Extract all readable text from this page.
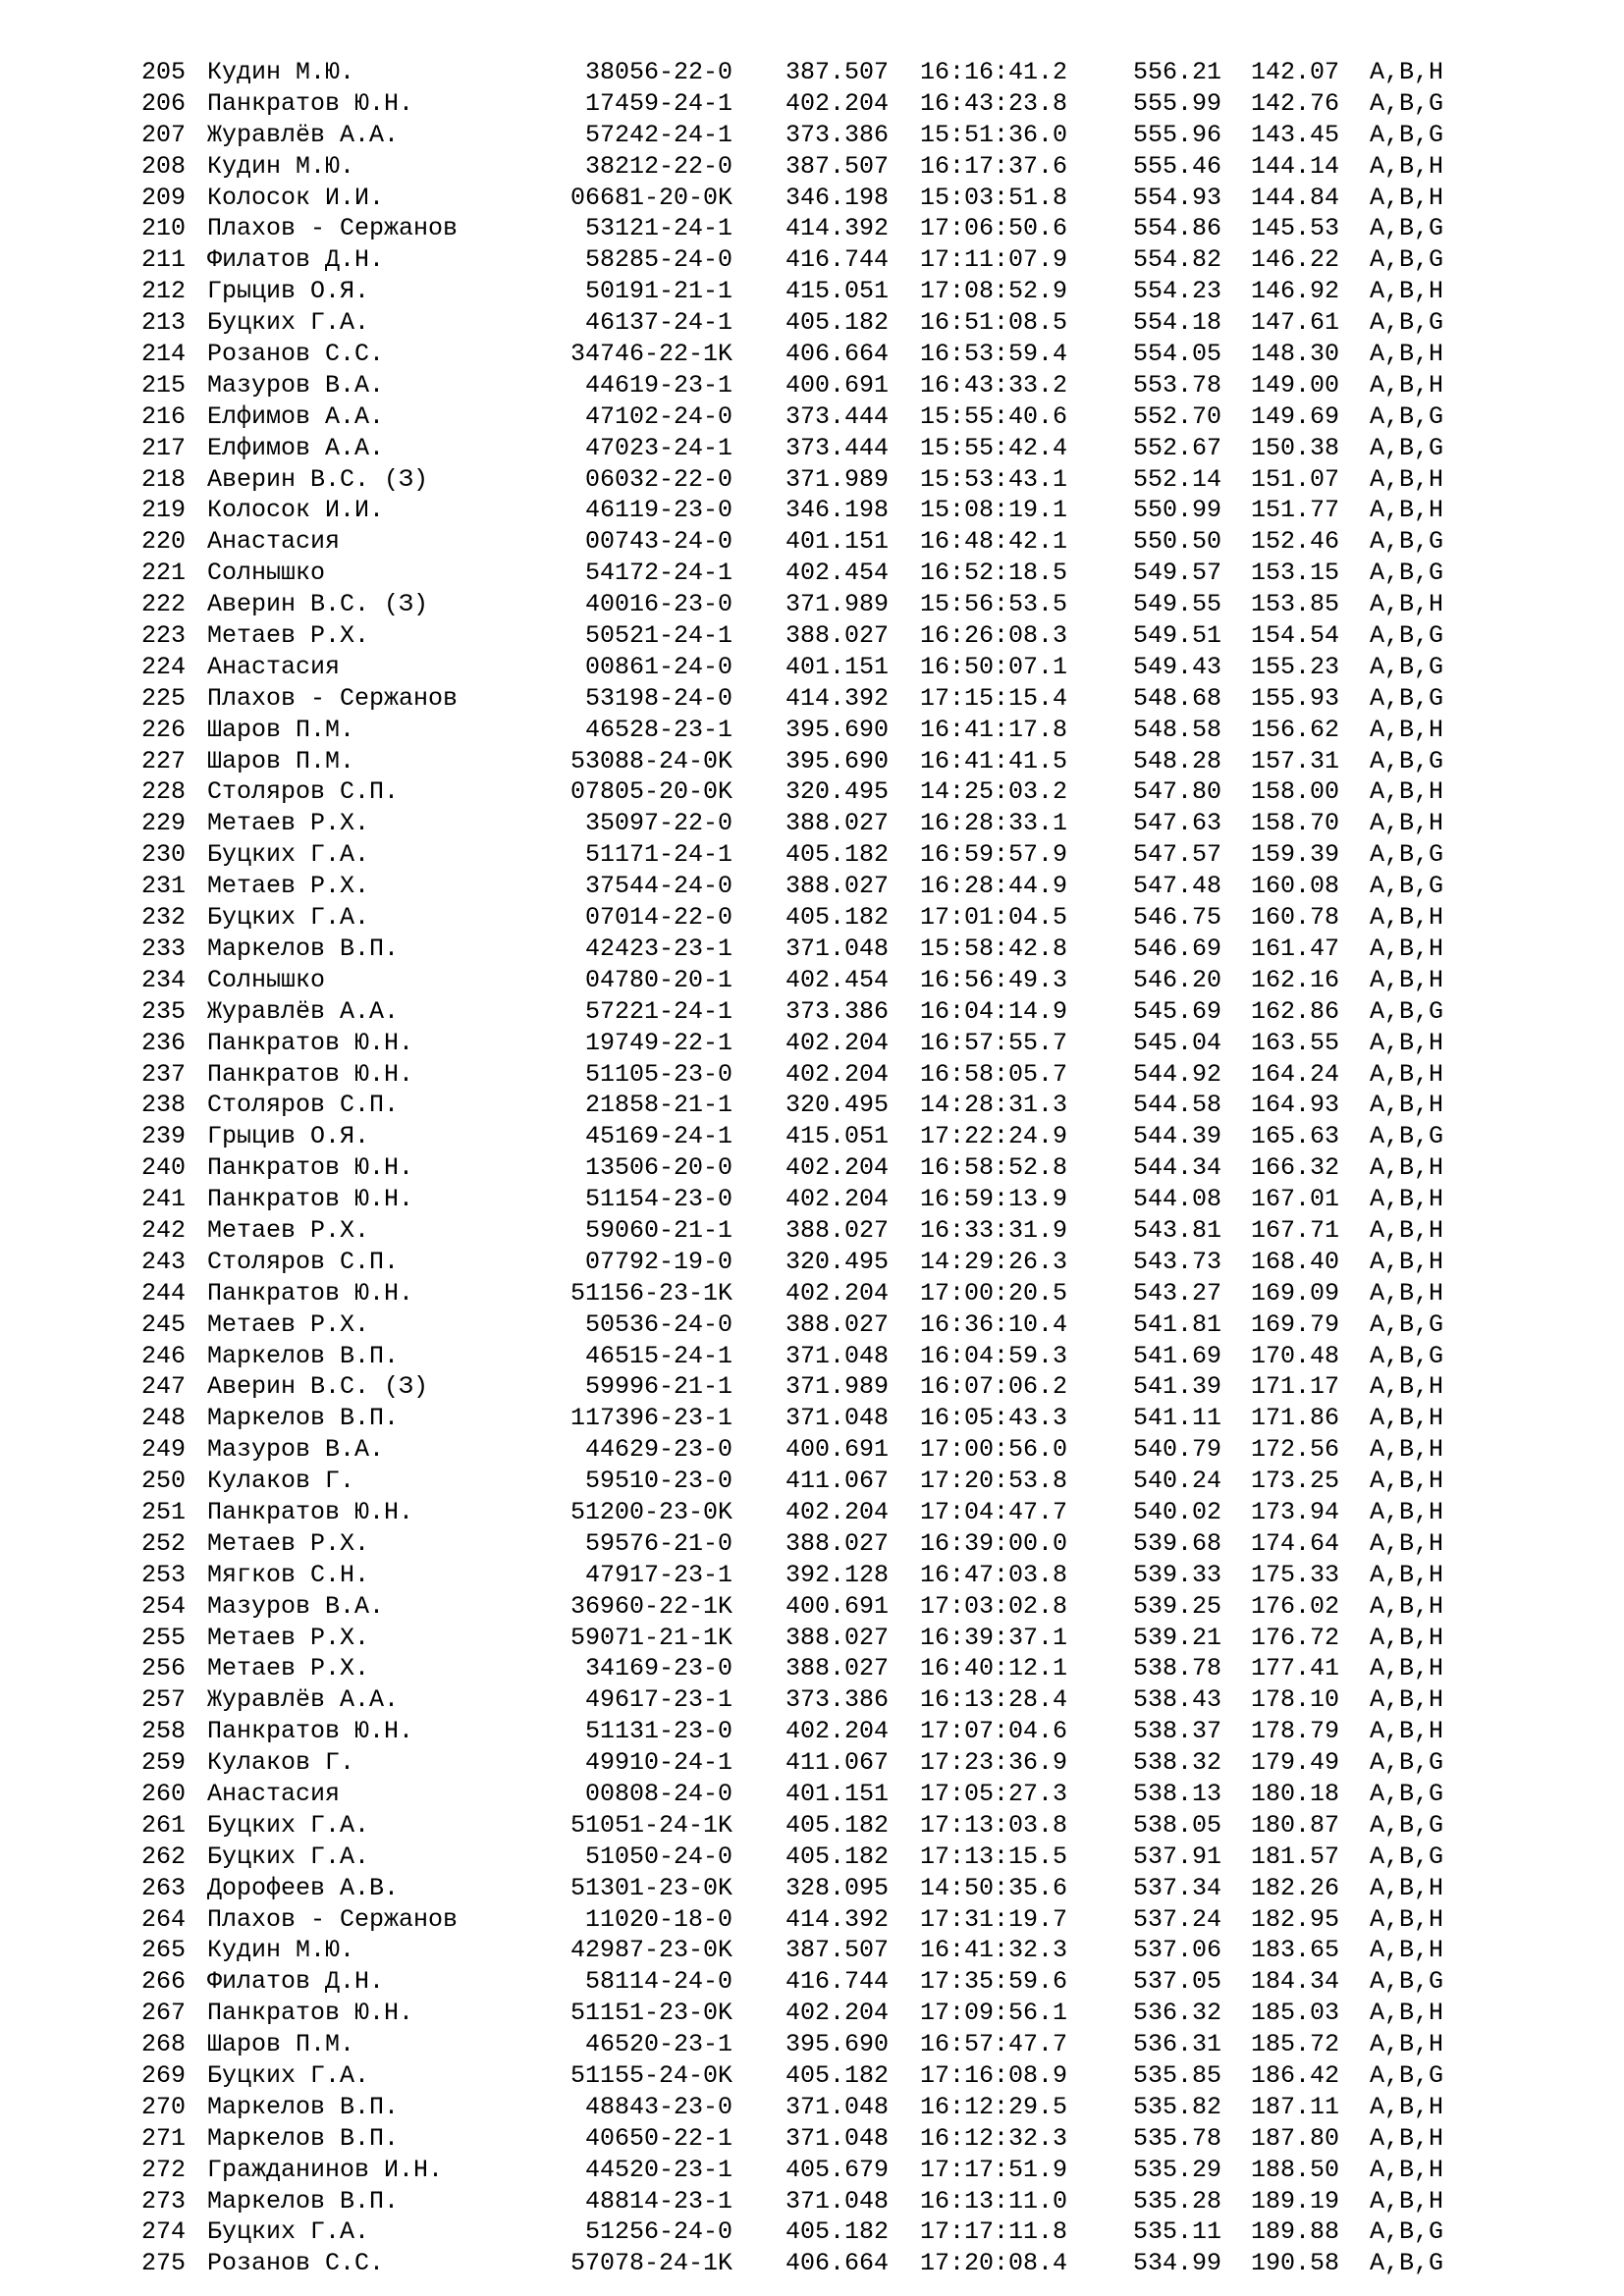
205 Кудин М.Ю.	38056-22-0 387.507 16:16:41.2	556.21 142.07 A,B,H
206 Панкратов Ю.Н.	17459-24-1 402.204 16:43:23.8	555.99 142.76 A,B,G
207 Журавлёв А.А.	57242-24-1 373.386 15:51:36.0	555.96 143.45 A,B,G
208 Кудин М.Ю.	38212-22-0 387.507 16:17:37.6	555.46 144.14 A,B,H
209 Колосок И.И.	06681-20-0K 346.198 15:03:51.8	554.93 144.84 A,B,H
210 Плахов - Сержанов	53121-24-1 414.392 17:06:50.6	554.86 145.53 A,B,G
211 Филатов Д.Н.	58285-24-0 416.744 17:11:07.9	554.82 146.22 A,B,G
212 Грыцив О.Я.	50191-21-1 415.051 17:08:52.9	554.23 146.92 A,B,H
213 Буцких Г.А.	46137-24-1 405.182 16:51:08.5	554.18 147.61 A,B,G
214 Розанов С.С.	34746-22-1K 406.664 16:53:59.4	554.05 148.30 A,B,H
215 Мазуров В.А.	44619-23-1 400.691 16:43:33.2	553.78 149.00 A,B,H
216 Елфимов А.А.	47102-24-0 373.444 15:55:40.6	552.70 149.69 A,B,G
217 Елфимов А.А.	47023-24-1 373.444 15:55:42.4	552.67 150.38 A,B,G
218 Аверин В.С. (З)	06032-22-0 371.989 15:53:43.1	552.14 151.07 A,B,H
219 Колосок И.И.	46119-23-0 346.198 15:08:19.1	550.99 151.77 A,B,H
220 Анастасия	00743-24-0 401.151 16:48:42.1	550.50 152.46 A,B,G
221 Солнышко	54172-24-1 402.454 16:52:18.5	549.57 153.15 A,B,G
222 Аверин В.С. (З)	40016-23-0 371.989 15:56:53.5	549.55 153.85 A,B,H
223 Метаев Р.Х.	50521-24-1 388.027 16:26:08.3	549.51 154.54 A,B,G
224 Анастасия	00861-24-0 401.151 16:50:07.1	549.43 155.23 A,B,G
225 Плахов - Сержанов	53198-24-0 414.392 17:15:15.4	548.68 155.93 A,B,G
226 Шаров П.М.	46528-23-1 395.690 16:41:17.8	548.58 156.62 A,B,H
227 Шаров П.М.	53088-24-0K 395.690 16:41:41.5	548.28 157.31 A,B,G
228 Столяров С.П.	07805-20-0K 320.495 14:25:03.2	547.80 158.00 A,B,H
229 Метаев Р.Х.	35097-22-0 388.027 16:28:33.1	547.63 158.70 A,B,H
230 Буцких Г.А.	51171-24-1 405.182 16:59:57.9	547.57 159.39 A,B,G
231 Метаев Р.Х.	37544-24-0 388.027 16:28:44.9	547.48 160.08 A,B,G
232 Буцких Г.А.	07014-22-0 405.182 17:01:04.5	546.75 160.78 A,B,H
233 Маркелов В.П.	42423-23-1 371.048 15:58:42.8	546.69 161.47 A,B,H
234 Солнышко	04780-20-1 402.454 16:56:49.3	546.20 162.16 A,B,H
235 Журавлёв А.А.	57221-24-1 373.386 16:04:14.9	545.69 162.86 A,B,G
236 Панкратов Ю.Н.	19749-22-1 402.204 16:57:55.7	545.04 163.55 A,B,H
237 Панкратов Ю.Н.	51105-23-0 402.204 16:58:05.7	544.92 164.24 A,B,H
238 Столяров С.П.	21858-21-1 320.495 14:28:31.3	544.58 164.93 A,B,H
239 Грыцив О.Я.	45169-24-1 415.051 17:22:24.9	544.39 165.63 A,B,G
240 Панкратов Ю.Н.	13506-20-0 402.204 16:58:52.8	544.34 166.32 A,B,H
241 Панкратов Ю.Н.	51154-23-0 402.204 16:59:13.9	544.08 167.01 A,B,H
242 Метаев Р.Х.	59060-21-1 388.027 16:33:31.9	543.81 167.71 A,B,H
243 Столяров С.П.	07792-19-0 320.495 14:29:26.3	543.73 168.40 A,B,H
244 Панкратов Ю.Н.	51156-23-1K 402.204 17:00:20.5	543.27 169.09 A,B,H
245 Метаев Р.Х.	50536-24-0 388.027 16:36:10.4	541.81 169.79 A,B,G
246 Маркелов В.П.	46515-24-1 371.048 16:04:59.3	541.69 170.48 A,B,G
247 Аверин В.С. (З)	59996-21-1 371.989 16:07:06.2	541.39 171.17 A,B,H
248 Маркелов В.П.	117396-23-1 371.048 16:05:43.3	541.11 171.86 A,B,H
249 Мазуров В.А.	44629-23-0 400.691 17:00:56.0	540.79 172.56 A,B,H
250 Кулаков Г.	59510-23-0 411.067 17:20:53.8	540.24 173.25 A,B,H
251 Панкратов Ю.Н.	51200-23-0K 402.204 17:04:47.7	540.02 173.94 A,B,H
252 Метаев Р.Х.	59576-21-0 388.027 16:39:00.0	539.68 174.64 A,B,H
253 Мягков С.Н.	47917-23-1 392.128 16:47:03.8	539.33 175.33 A,B,H
254 Мазуров В.А.	36960-22-1K 400.691 17:03:02.8	539.25 176.02 A,B,H
255 Метаев Р.Х.	59071-21-1K 388.027 16:39:37.1	539.21 176.72 A,B,H
256 Метаев Р.Х.	34169-23-0 388.027 16:40:12.1	538.78 177.41 A,B,H
257 Журавлёв А.А.	49617-23-1 373.386 16:13:28.4	538.43 178.10 A,B,H
258 Панкратов Ю.Н.	51131-23-0 402.204 17:07:04.6	538.37 178.79 A,B,H
259 Кулаков Г.	49910-24-1 411.067 17:23:36.9	538.32 179.49 A,B,G
260 Анастасия	00808-24-0 401.151 17:05:27.3	538.13 180.18 A,B,G
261 Буцких Г.А.	51051-24-1K 405.182 17:13:03.8	538.05 180.87 A,B,G
262 Буцких Г.А.	51050-24-0 405.182 17:13:15.5	537.91 181.57 A,B,G
263 Дорофеев А.В.	51301-23-0K 328.095 14:50:35.6	537.34 182.26 A,B,H
264 Плахов - Сержанов	11020-18-0 414.392 17:31:19.7	537.24 182.95 A,B,H
265 Кудин М.Ю.	42987-23-0K 387.507 16:41:32.3	537.06 183.65 A,B,H
266 Филатов Д.Н.	58114-24-0 416.744 17:35:59.6	537.05 184.34 A,B,G
267 Панкратов Ю.Н.	51151-23-0K 402.204 17:09:56.1	536.32 185.03 A,B,H
268 Шаров П.М.	46520-23-1 395.690 16:57:47.7	536.31 185.72 A,B,H
269 Буцких Г.А.	51155-24-0K 405.182 17:16:08.9	535.85 186.42 A,B,G
270 Маркелов В.П.	48843-23-0 371.048 16:12:29.5	535.82 187.11 A,B,H
271 Маркелов В.П.	40650-22-1 371.048 16:12:32.3	535.78 187.80 A,B,H
272 Гражданинов И.Н.	44520-23-1 405.679 17:17:51.9	535.29 188.50 A,B,H
273 Маркелов В.П.	48814-23-1 371.048 16:13:11.0	535.28 189.19 A,B,H
274 Буцких Г.А.	51256-24-0 405.182 17:17:11.8	535.11 189.88 A,B,G
275 Розанов С.С.	57078-24-1K 406.664 17:20:08.4	534.99 190.58 A,B,G
